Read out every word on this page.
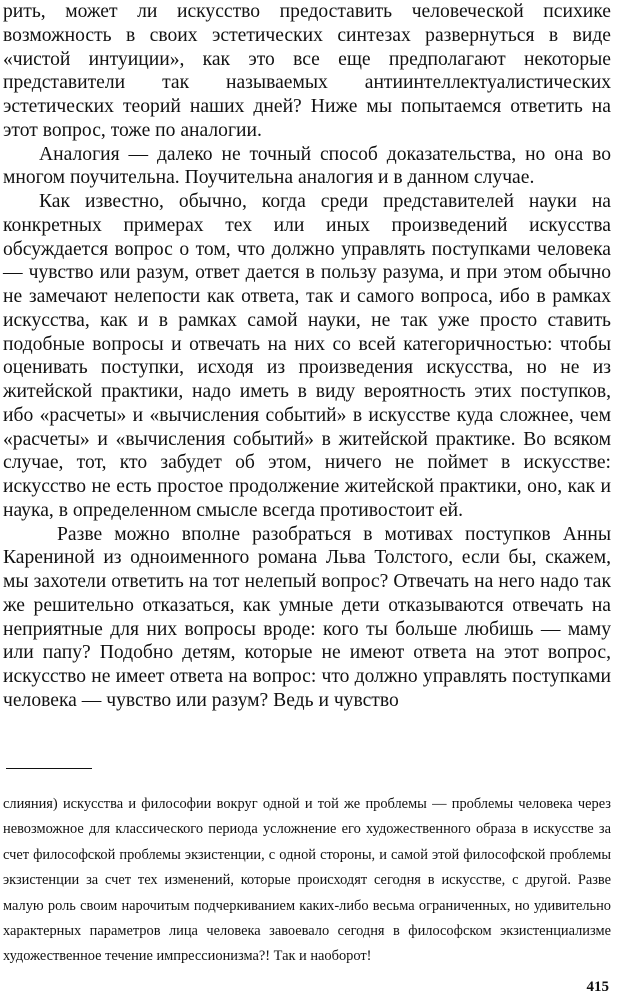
рить, может ли искусство предоставить человеческой психике возможность в своих эстетических синтезах развернуться в виде «чистой интуиции», как это все еще предполагают некоторые представители так называемых антиинтеллектуалистических эстетических теорий наших дней? Ниже мы попытаемся ответить на этот вопрос, тоже по аналогии.

Аналогия — далеко не точный способ доказательства, но она во многом поучительна. Поучительна аналогия и в данном случае.

Как известно, обычно, когда среди представителей науки на конкретных примерах тех или иных произведений искусства обсуждается вопрос о том, что должно управлять поступками человека — чувство или разум, ответ дается в пользу разума, и при этом обычно не замечают нелепости как ответа, так и самого вопроса, ибо в рамках искусства, как и в рамках самой науки, не так уже просто ставить подобные вопросы и отвечать на них со всей категоричностью: чтобы оценивать поступки, исходя из произведения искусства, но не из житейской практики, надо иметь в виду вероятность этих поступков, ибо «расчеты» и «вычисления событий» в искусстве куда сложнее, чем «расчеты» и «вычисления событий» в житейской практике. Во всяком случае, тот, кто забудет об этом, ничего не поймет в искусстве: искусство не есть простое продолжение житейской практики, оно, как и наука, в определенном смысле всегда противостоит ей.

Разве можно вполне разобраться в мотивах поступков Анны Карениной из одноименного романа Льва Толстого, если бы, скажем, мы захотели ответить на тот нелепый вопрос? Отвечать на него надо так же решительно отказаться, как умные дети отказываются отвечать на неприятные для них вопросы вроде: кого ты больше любишь — маму или папу? Подобно детям, которые не имеют ответа на этот вопрос, искусство не имеет ответа на вопрос: что должно управлять поступками человека — чувство или разум? Ведь и чувство

слияния) искусства и философии вокруг одной и той же проблемы — проблемы человека через невозможное для классического периода усложнение его художественного образа в искусстве за счет философской проблемы экзистенции, с одной стороны, и самой этой философской проблемы экзистенции за счет тех изменений, которые происходят сегодня в искусстве, с другой. Разве малую роль своим нарочитым подчеркиванием каких-либо весьма ограниченных, но удивительно характерных параметров лица человека завоевало сегодня в философском экзистенциализме художественное течение импрессионизма?! Так и наоборот!

415
